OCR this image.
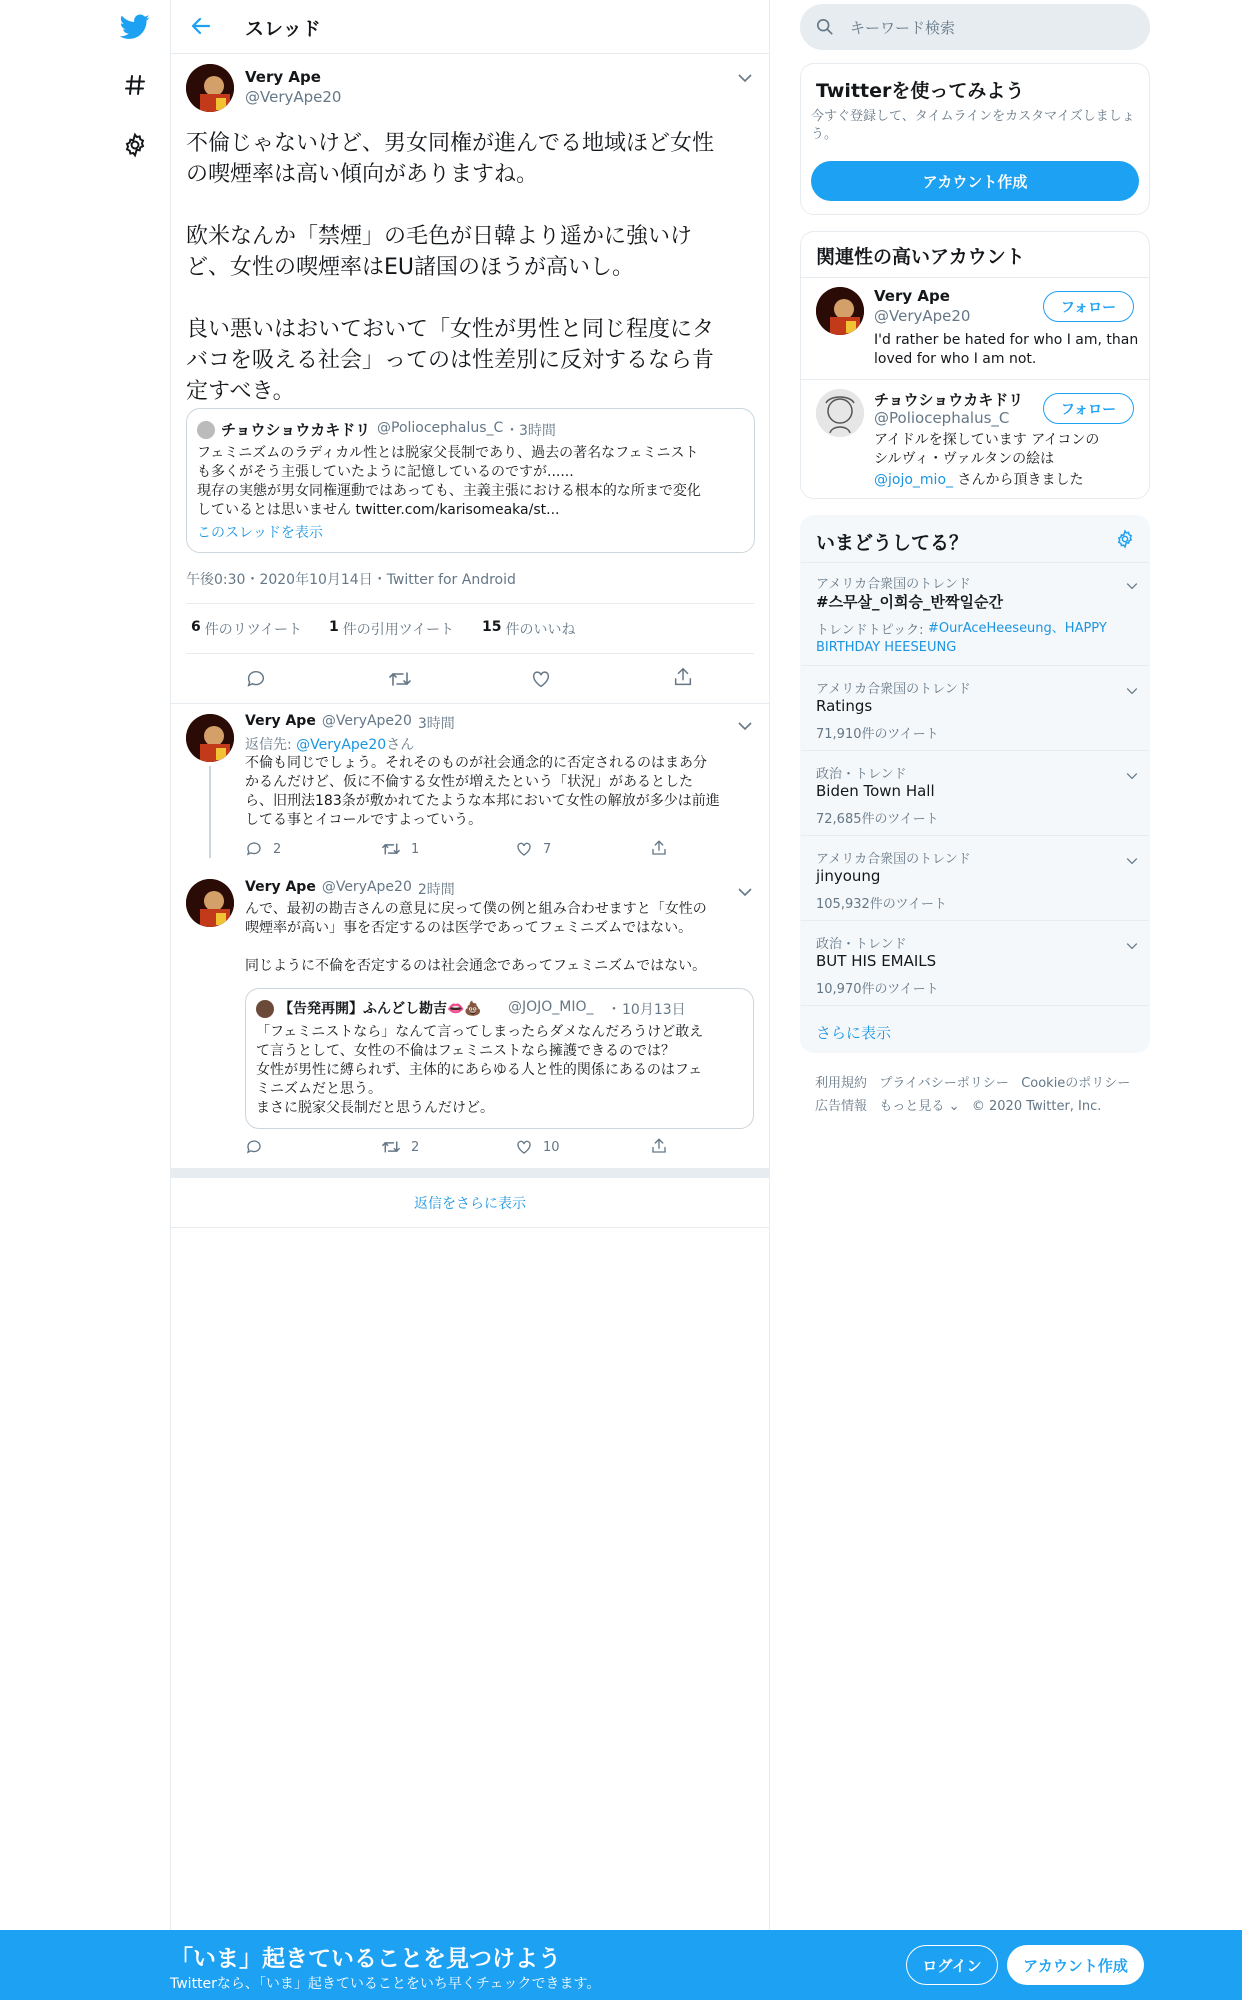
スレッド
Very Ape
@VeryApe20
不倫じゃないけど、男女同権が進んでる地域ほど女性
の喫煙率は高い傾向がありますね。

欧米なんか「禁煙」の毛色が日韓より遥かに強いけ
ど、女性の喫煙率はEU諸国のほうが高いし。

良い悪いはおいておいて「女性が男性と同じ程度にタ
バコを吸える社会」ってのは性差別に反対するなら肯
定すべき。
チョウショウカキドリ @Poliocephalus_C ・ 3時間
フェミニズムのラディカル性とは脱家父長制であり、過去の著名なフェミニスト
も多くがそう主張していたように記憶しているのですが......
現存の実態が男女同権運動ではあっても、主義主張における根本的な所まで変化
しているとは思いません twitter.com/karisomeaka/st...
このスレッドを表示
午後0:30・2020年10月14日・Twitter for Android
6 件のリツイート 1 件の引用ツイート 15 件のいいね
Very Ape @VeryApe20 3時間
返信先: @VeryApe20さん
不倫も同じでしょう。それそのものが社会通念的に否定されるのはまあ分
かるんだけど、仮に不倫する女性が増えたという「状況」があるとした
ら、旧刑法183条が敷かれてたような本邦において女性の解放が多少は前進
してる事とイコールですよっていう。
2	1	7
Very Ape @VeryApe20 2時間
んで、最初の勘吉さんの意見に戻って僕の例と組み合わせますと「女性の
喫煙率が高い」事を否定するのは医学であってフェミニズムではない。

同じように不倫を否定するのは社会通念であってフェミニズムではない。
【告発再開】ふんどし勘吉👄💩 @JOJO_MIO_ ・ 10月13日
「フェミニストなら」なんて言ってしまったらダメなんだろうけど敢え
て言うとして、女性の不倫はフェミニストなら擁護できるのでは？
女性が男性に縛られず、主体的にあらゆる人と性的関係にあるのはフェ
ミニズムだと思う。
まさに脱家父長制だと思うんだけど。
2	10
返信をさらに表示
キーワード検索
Twitterを使ってみよう
今すぐ登録して、タイムラインをカスタマイズしましょ
う。
アカウント作成
関連性の高いアカウント
Very Ape
@VeryApe20	フォロー
I'd rather be hated for who I am, than
loved for who I am not.
チョウショウカキドリ
@Poliocephalus_C	フォロー
アイドルを探しています アイコンの
シルヴィ・ヴァルタンの絵は
@jojo_mio_ さんから頂きました
いまどうしてる？
アメリカ合衆国のトレンド
#스무살_이희승_반짝일순간
トレンドトピック: #OurAceHeeseung、HAPPY
BIRTHDAY HEESEUNG
アメリカ合衆国のトレンド
Ratings
71,910件のツイート
政治・トレンド
Biden Town Hall
72,685件のツイート
アメリカ合衆国のトレンド
jinyoung
105,932件のツイート
政治・トレンド
BUT HIS EMAILS
10,970件のツイート
さらに表示
利用規約 プライバシーポリシー Cookieのポリシー
広告情報 もっと見る ⌄ © 2020 Twitter, Inc.
「いま」起きていることを見つけよう
Twitterなら、「いま」起きていることをいち早くチェックできます。
ログイン	アカウント作成
